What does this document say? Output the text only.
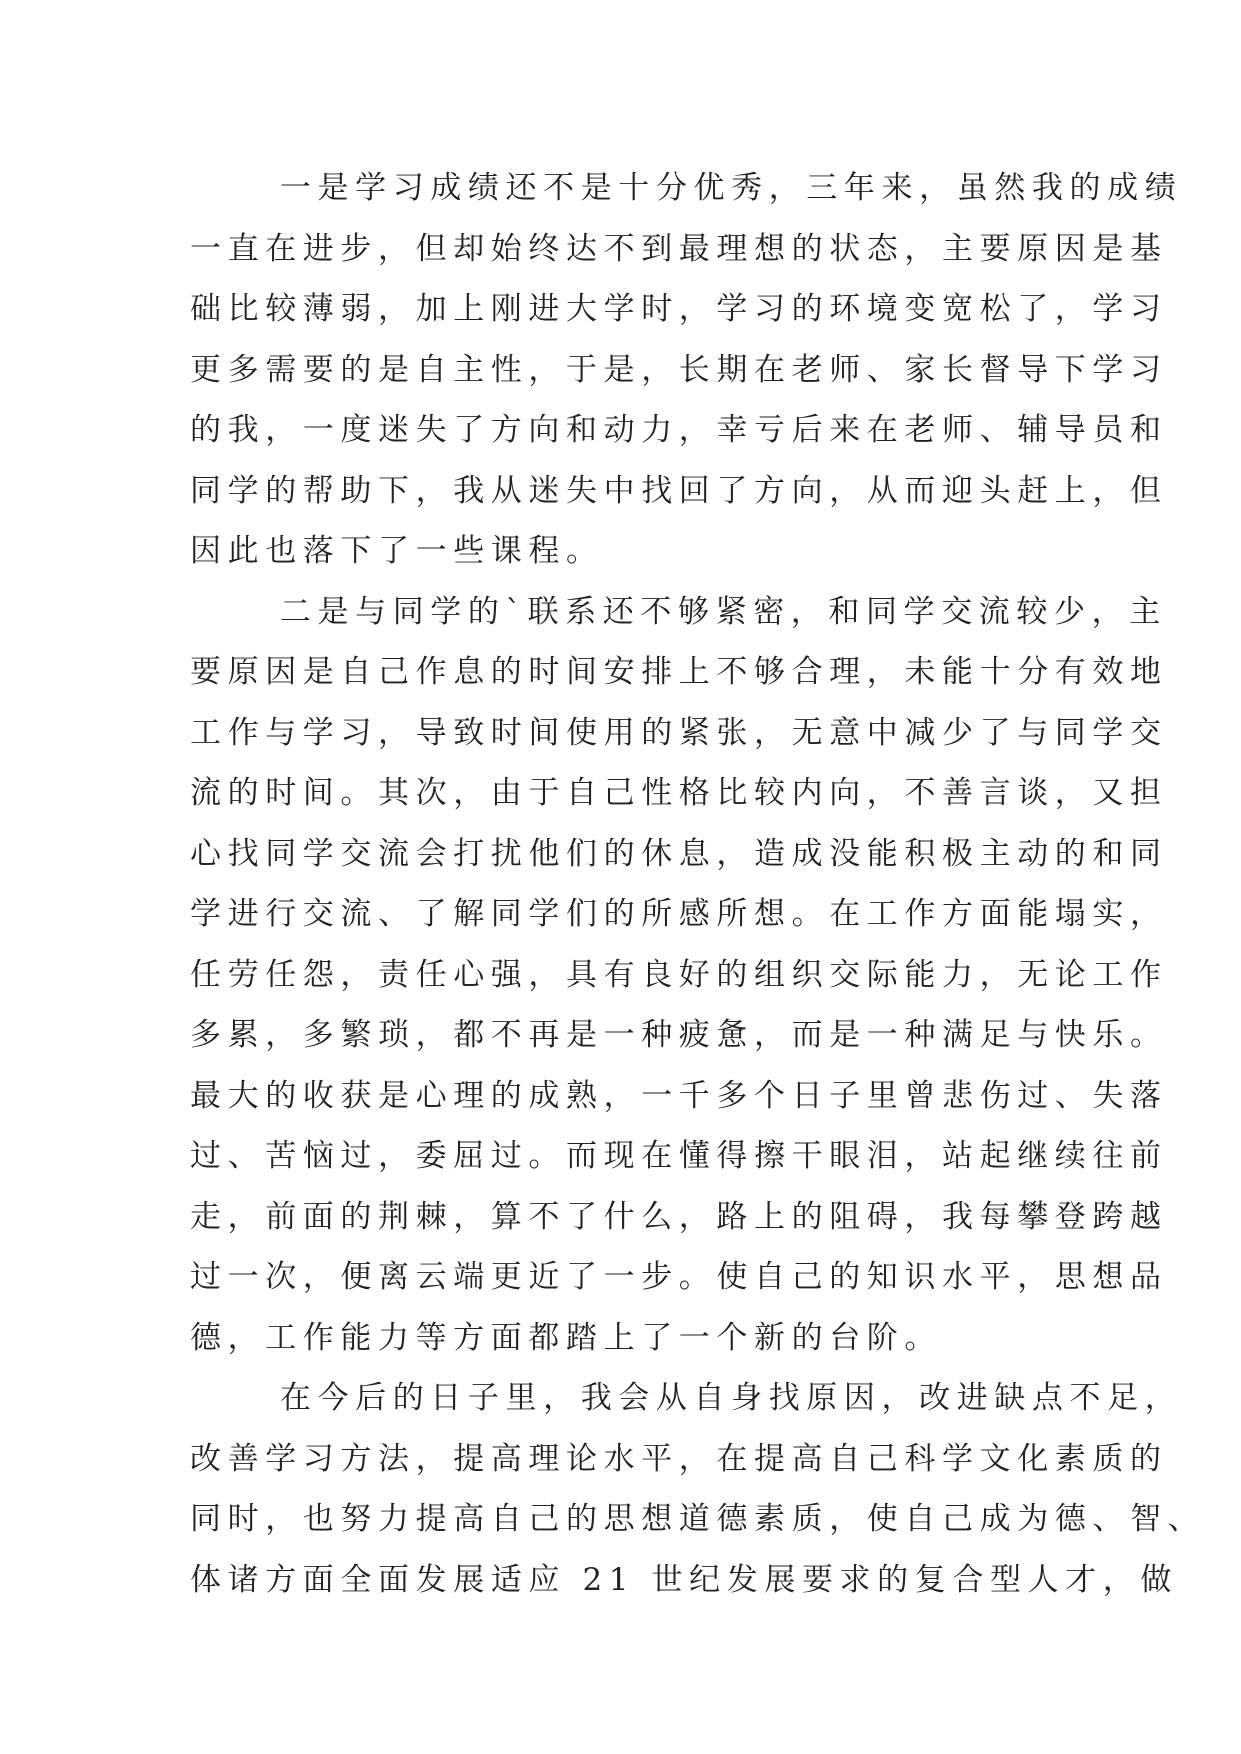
一是学习成绩还不是十分优秀，三年来，虽然我的成绩
一直在进步，但却始终达不到最理想的状态，主要原因是基
础比较薄弱，加上刚进大学时，学习的环境变宽松了，学习
更多需要的是自主性，于是，长期在老师、家长督导下学习
的我，一度迷失了方向和动力，幸亏后来在老师、辅导员和
同学的帮助下，我从迷失中找回了方向，从而迎头赶上，但
因此也落下了一些课程。

二是与同学的`联系还不够紧密，和同学交流较少，主
要原因是自己作息的时间安排上不够合理，未能十分有效地
工作与学习，导致时间使用的紧张，无意中减少了与同学交
流的时间。其次，由于自己性格比较内向，不善言谈，又担
心找同学交流会打扰他们的休息，造成没能积极主动的和同
学进行交流、了解同学们的所感所想。在工作方面能塌实，
任劳任怨，责任心强，具有良好的组织交际能力，无论工作
多累，多繁琐，都不再是一种疲惫，而是一种满足与快乐。
最大的收获是心理的成熟，一千多个日子里曾悲伤过、失落
过、苦恼过，委屈过。而现在懂得擦干眼泪，站起继续往前
走，前面的荆棘，算不了什么，路上的阻碍，我每攀登跨越
过一次，便离云端更近了一步。使自己的知识水平，思想品
德，工作能力等方面都踏上了一个新的台阶。

在今后的日子里，我会从自身找原因，改进缺点不足，
改善学习方法，提高理论水平，在提高自己科学文化素质的
同时，也努力提高自己的思想道德素质，使自己成为德、智、
体诸方面全面发展适应 21 世纪发展要求的复合型人才，做
